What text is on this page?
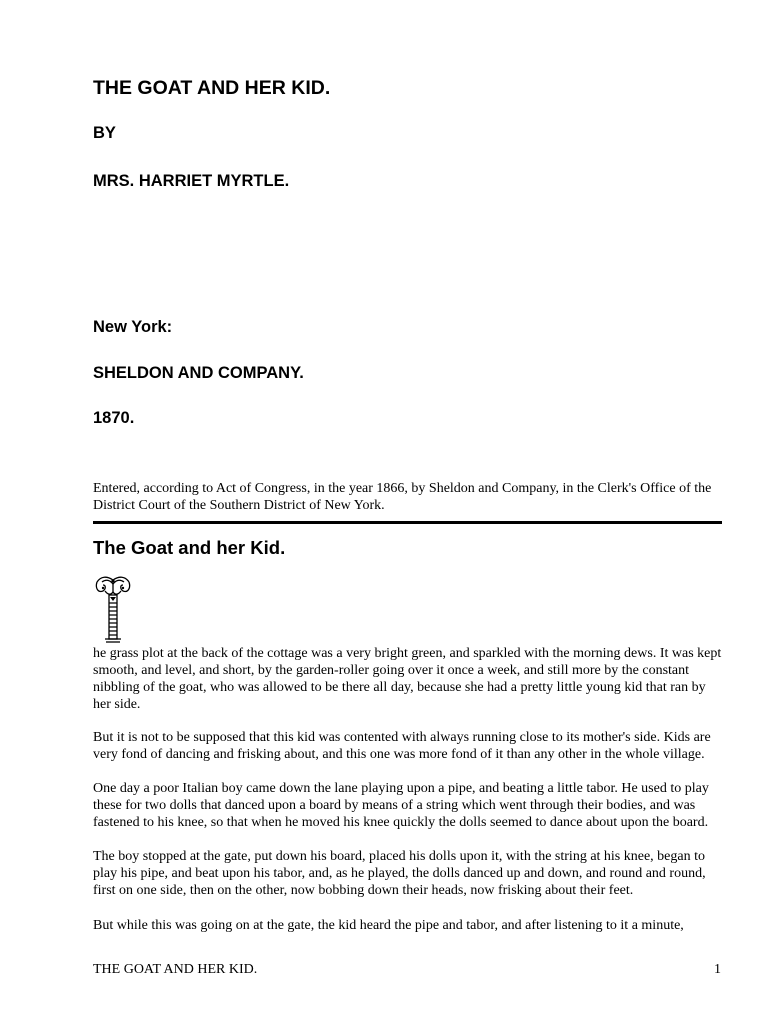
THE GOAT AND HER KID.
BY
MRS. HARRIET MYRTLE.
New York:
SHELDON AND COMPANY.
1870.

Entered, according to Act of Congress, in the year 1866, by Sheldon and Company, in the Clerk's Office of the District Court of the Southern District of New York.

The Goat and her Kid.

he grass plot at the back of the cottage was a very bright green, and sparkled with the morning dews. It was kept smooth, and level, and short, by the garden-roller going over it once a week, and still more by the constant nibbling of the goat, who was allowed to be there all day, because she had a pretty little young kid that ran by her side.

But it is not to be supposed that this kid was contented with always running close to its mother's side. Kids are very fond of dancing and frisking about, and this one was more fond of it than any other in the whole village.

One day a poor Italian boy came down the lane playing upon a pipe, and beating a little tabor. He used to play these for two dolls that danced upon a board by means of a string which went through their bodies, and was fastened to his knee, so that when he moved his knee quickly the dolls seemed to dance about upon the board.

The boy stopped at the gate, put down his board, placed his dolls upon it, with the string at his knee, began to play his pipe, and beat upon his tabor, and, as he played, the dolls danced up and down, and round and round, first on one side, then on the other, now bobbing down their heads, now frisking about their feet.

But while this was going on at the gate, the kid heard the pipe and tabor, and after listening to it a minute,

THE GOAT AND HER KID.	1
